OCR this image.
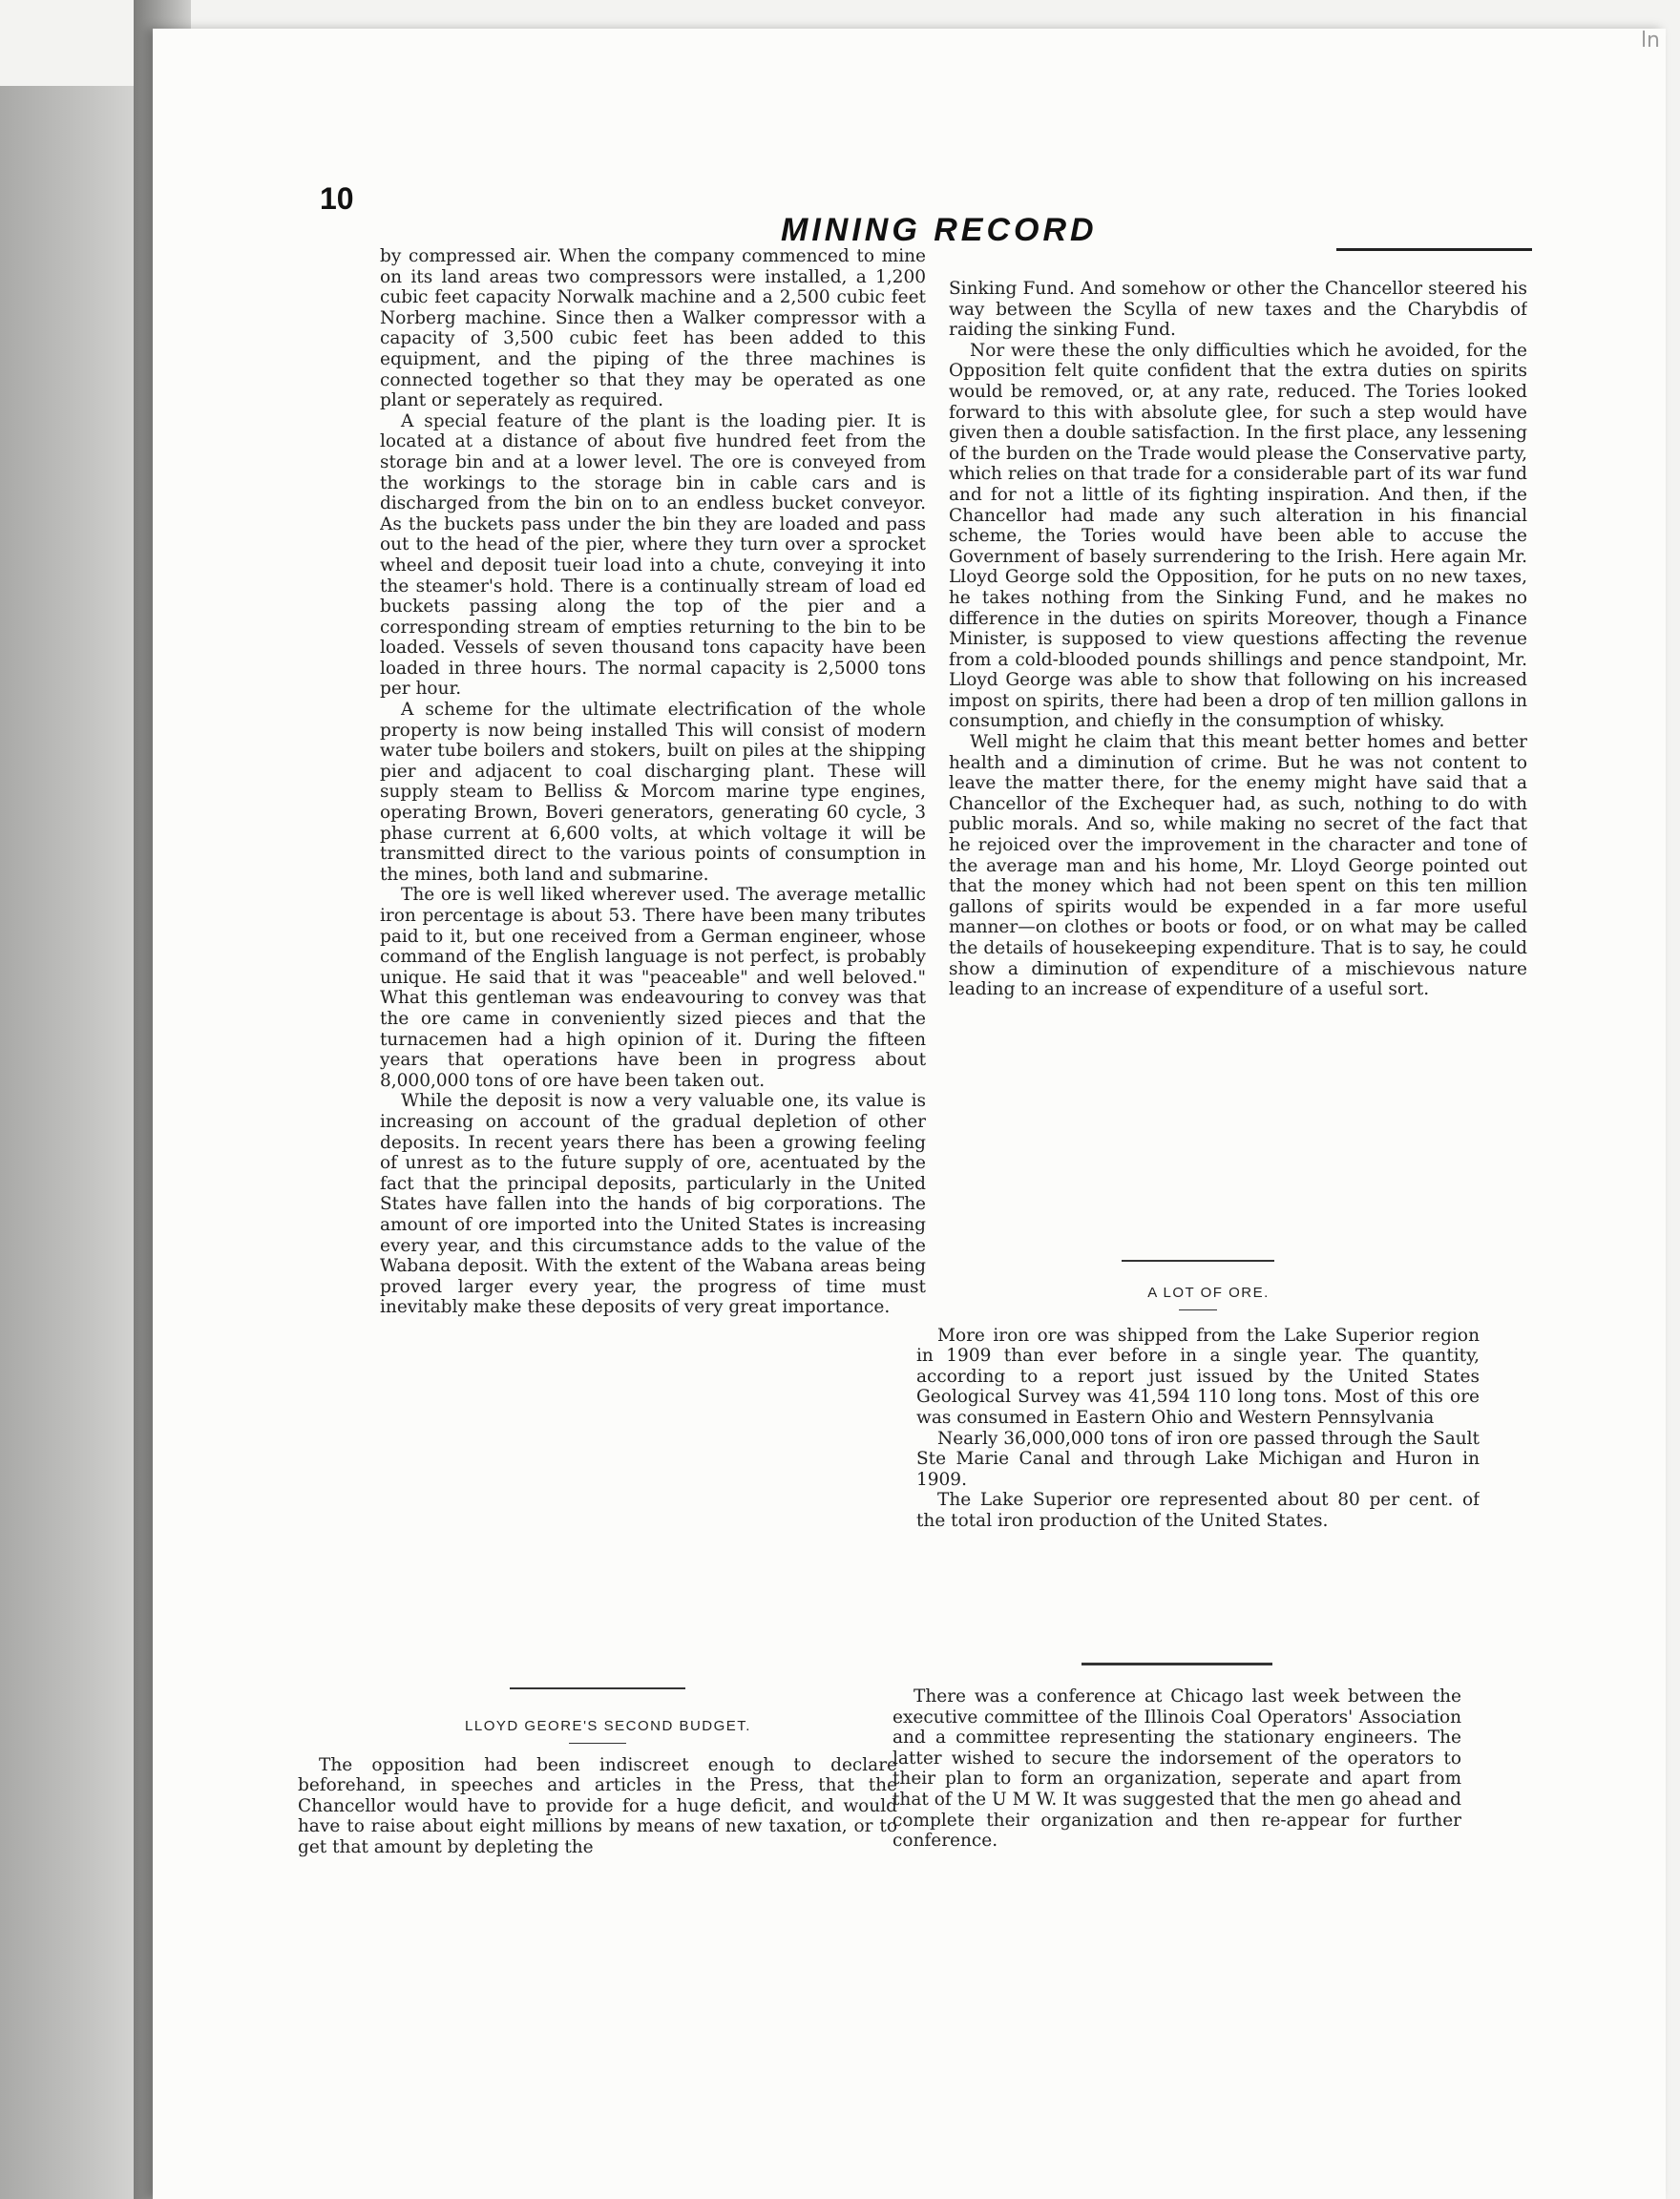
ln
10
MINING RECORD

by compressed air. When the company commenced to mine on its land areas two compressors were installed, a 1,200 cubic feet capacity Norwalk machine and a 2,500 cubic feet Norberg machine. Since then a Walker compressor with a capacity of 3,500 cubic feet has been added to this equipment, and the piping of the three machines is connected together so that they may be operated as one plant or seperately as required.

A special feature of the plant is the loading pier. It is located at a distance of about five hundred feet from the storage bin and at a lower level. The ore is conveyed from the workings to the storage bin in cable cars and is discharged from the bin on to an endless bucket conveyor. As the buckets pass under the bin they are loaded and pass out to the head of the pier, where they turn over a sprocket wheel and deposit tueir load into a chute, conveying it into the steamer's hold. There is a continually stream of load ed buckets passing along the top of the pier and a corresponding stream of empties returning to the bin to be loaded. Vessels of seven thousand tons capacity have been loaded in three hours. The normal capacity is 2,5000 tons per hour.

A scheme for the ultimate electrification of the whole property is now being installed This will consist of modern water tube boilers and stokers, built on piles at the shipping pier and adjacent to coal discharging plant. These will supply steam to Belliss & Morcom marine type engines, operating Brown, Boveri generators, generating 60 cycle, 3 phase current at 6,600 volts, at which voltage it will be transmitted direct to the various points of consumption in the mines, both land and submarine.

The ore is well liked wherever used. The average metallic iron percentage is about 53. There have been many tributes paid to it, but one received from a German engineer, whose command of the English language is not perfect, is probably unique. He said that it was "peaceable" and well beloved." What this gentleman was endeavouring to convey was that the ore came in conveniently sized pieces and that the turnacemen had a high opinion of it. During the fifteen years that operations have been in progress about 8,000,000 tons of ore have been taken out.

While the deposit is now a very valuable one, its value is increasing on account of the gradual depletion of other deposits. In recent years there has been a growing feeling of unrest as to the future supply of ore, acentuated by the fact that the principal deposits, particularly in the United States have fallen into the hands of big corporations. The amount of ore imported into the United States is increasing every year, and this circumstance adds to the value of the Wabana deposit. With the extent of the Wabana areas being proved larger every year, the progress of time must inevitably make these deposits of very great importance.

LLOYD GEORE'S SECOND BUDGET.

The opposition had been indiscreet enough to declare beforehand, in speeches and articles in the Press, that the Chancellor would have to provide for a huge deficit, and would have to raise about eight millions by means of new taxation, or to get that amount by depleting the

Sinking Fund. And somehow or other the Chancellor steered his way between the Scylla of new taxes and the Charybdis of raiding the sinking Fund.

Nor were these the only difficulties which he avoided, for the Opposition felt quite confident that the extra duties on spirits would be removed, or, at any rate, reduced. The Tories looked forward to this with absolute glee, for such a step would have given then a double satisfaction. In the first place, any lessening of the burden on the Trade would please the Conservative party, which relies on that trade for a considerable part of its war fund and for not a little of its fighting inspiration. And then, if the Chancellor had made any such alteration in his financial scheme, the Tories would have been able to accuse the Government of basely surrendering to the Irish. Here again Mr. Lloyd George sold the Opposition, for he puts on no new taxes, he takes nothing from the Sinking Fund, and he makes no difference in the duties on spirits Moreover, though a Finance Minister, is supposed to view questions affecting the revenue from a cold-blooded pounds shillings and pence standpoint, Mr. Lloyd George was able to show that following on his increased impost on spirits, there had been a drop of ten million gallons in consumption, and chiefly in the consumption of whisky.

Well might he claim that this meant better homes and better health and a diminution of crime. But he was not content to leave the matter there, for the enemy might have said that a Chancellor of the Exchequer had, as such, nothing to do with public morals. And so, while making no secret of the fact that he rejoiced over the improvement in the character and tone of the average man and his home, Mr. Lloyd George pointed out that the money which had not been spent on this ten million gallons of spirits would be expended in a far more useful manner—on clothes or boots or food, or on what may be called the details of housekeeping expenditure. That is to say, he could show a diminution of expenditure of a mischievous nature leading to an increase of expenditure of a useful sort.

A LOT OF ORE.

More iron ore was shipped from the Lake Superior region in 1909 than ever before in a single year. The quantity, according to a report just issued by the United States Geological Survey was 41,594 110 long tons. Most of this ore was consumed in Eastern Ohio and Western Pennsylvania

Nearly 36,000,000 tons of iron ore passed through the Sault Ste Marie Canal and through Lake Michigan and Huron in 1909.

The Lake Superior ore represented about 80 per cent. of the total iron production of the United States.

There was a conference at Chicago last week between the executive committee of the Illinois Coal Operators' Association and a committee representing the stationary engineers. The latter wished to secure the indorsement of the operators to their plan to form an organization, seperate and apart from that of the U M W. It was suggested that the men go ahead and complete their organization and then re-appear for further conference.
